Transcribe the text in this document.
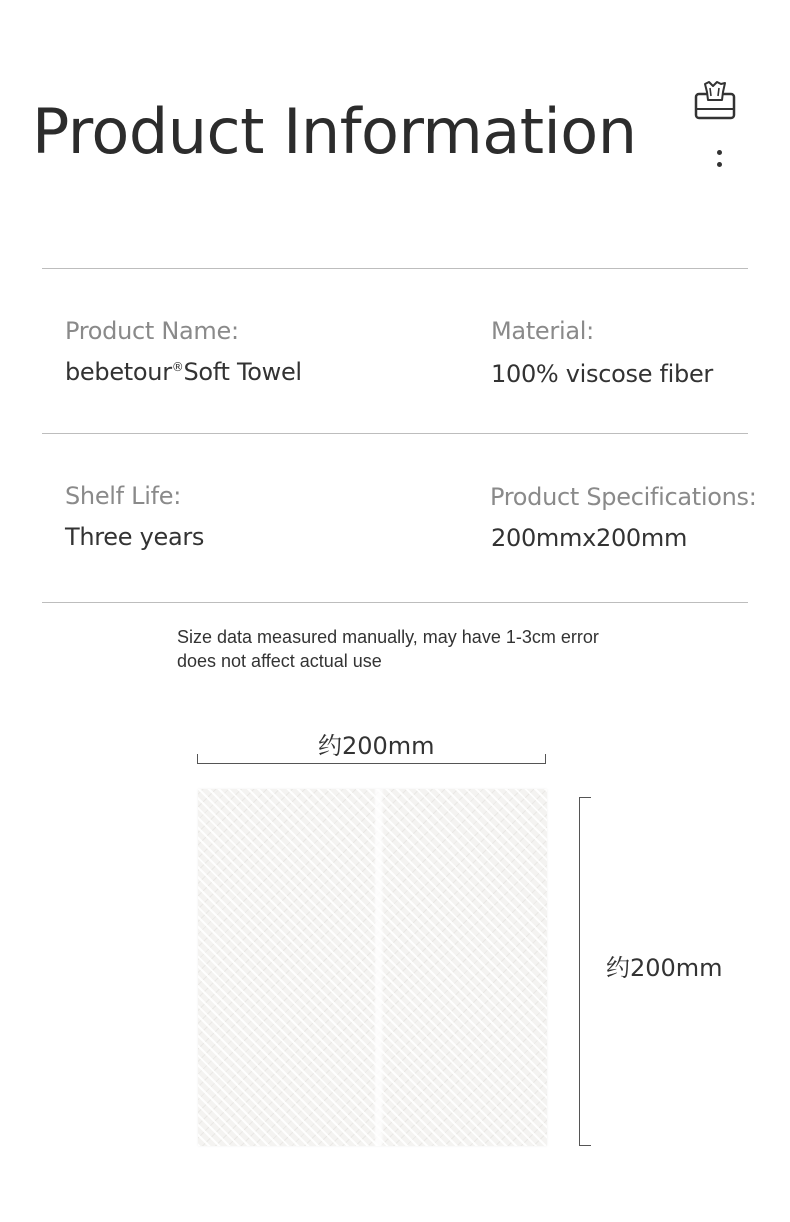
Product Information
Product Name:
bebetour®Soft Towel
Material:
100% viscose fiber
Shelf Life:
Three years
Product Specifications:
200mmx200mm
Size data measured manually, may have 1-3cm error
does not affect actual use
约200mm
约200mm
